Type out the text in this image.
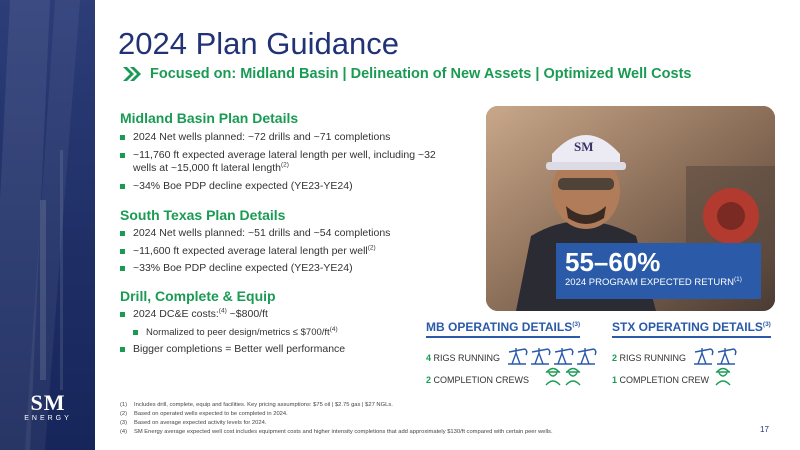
SM
ENERGY
2024 Plan Guidance
Focused on: Midland Basin | Delineation of New Assets | Optimized Well Costs
Midland Basin Plan Details
2024 Net wells planned: ~72 drills and ~71 completions
~11,760 ft expected average lateral length per well, including ~32 wells at ~15,000 ft lateral length$^{(2)}$
~34% Boe PDP decline expected (YE23-YE24)
South Texas Plan Details
2024 Net wells planned: ~51 drills and ~54 completions
~11,600 ft expected average lateral length per well$^{(2)}$
~33% Boe PDP decline expected (YE23-YE24)
Drill, Complete & Equip
2024 DC&E costs:$^{(4)}$ ~$800/ft
Normalized to peer design/metrics ≤ $\$700/ft^{(4)}$
Bigger completions = Better well performance
SM
55–60%
2024 PROGRAM EXPECTED RETURN$^{(1)}$
MB OPERATING DETAILS$^{(3)}$
4 RIGS RUNNING
2 COMPLETION CREWS
STX OPERATING DETAILS$^{(3)}$
2 RIGS RUNNING
1 COMPLETION CREW
(1)	Includes drill, complete, equip and facilities. Key pricing assumptions: $75 oil | $2.75 gas | $27 NGLs.
(2)	Based on operated wells expected to be completed in 2024.
(3)	Based on average expected activity levels for 2024.
(4)	SM Energy average expected well cost includes equipment costs and higher intensity completions that add approximately $130/ft compared with certain peer wells.	17
